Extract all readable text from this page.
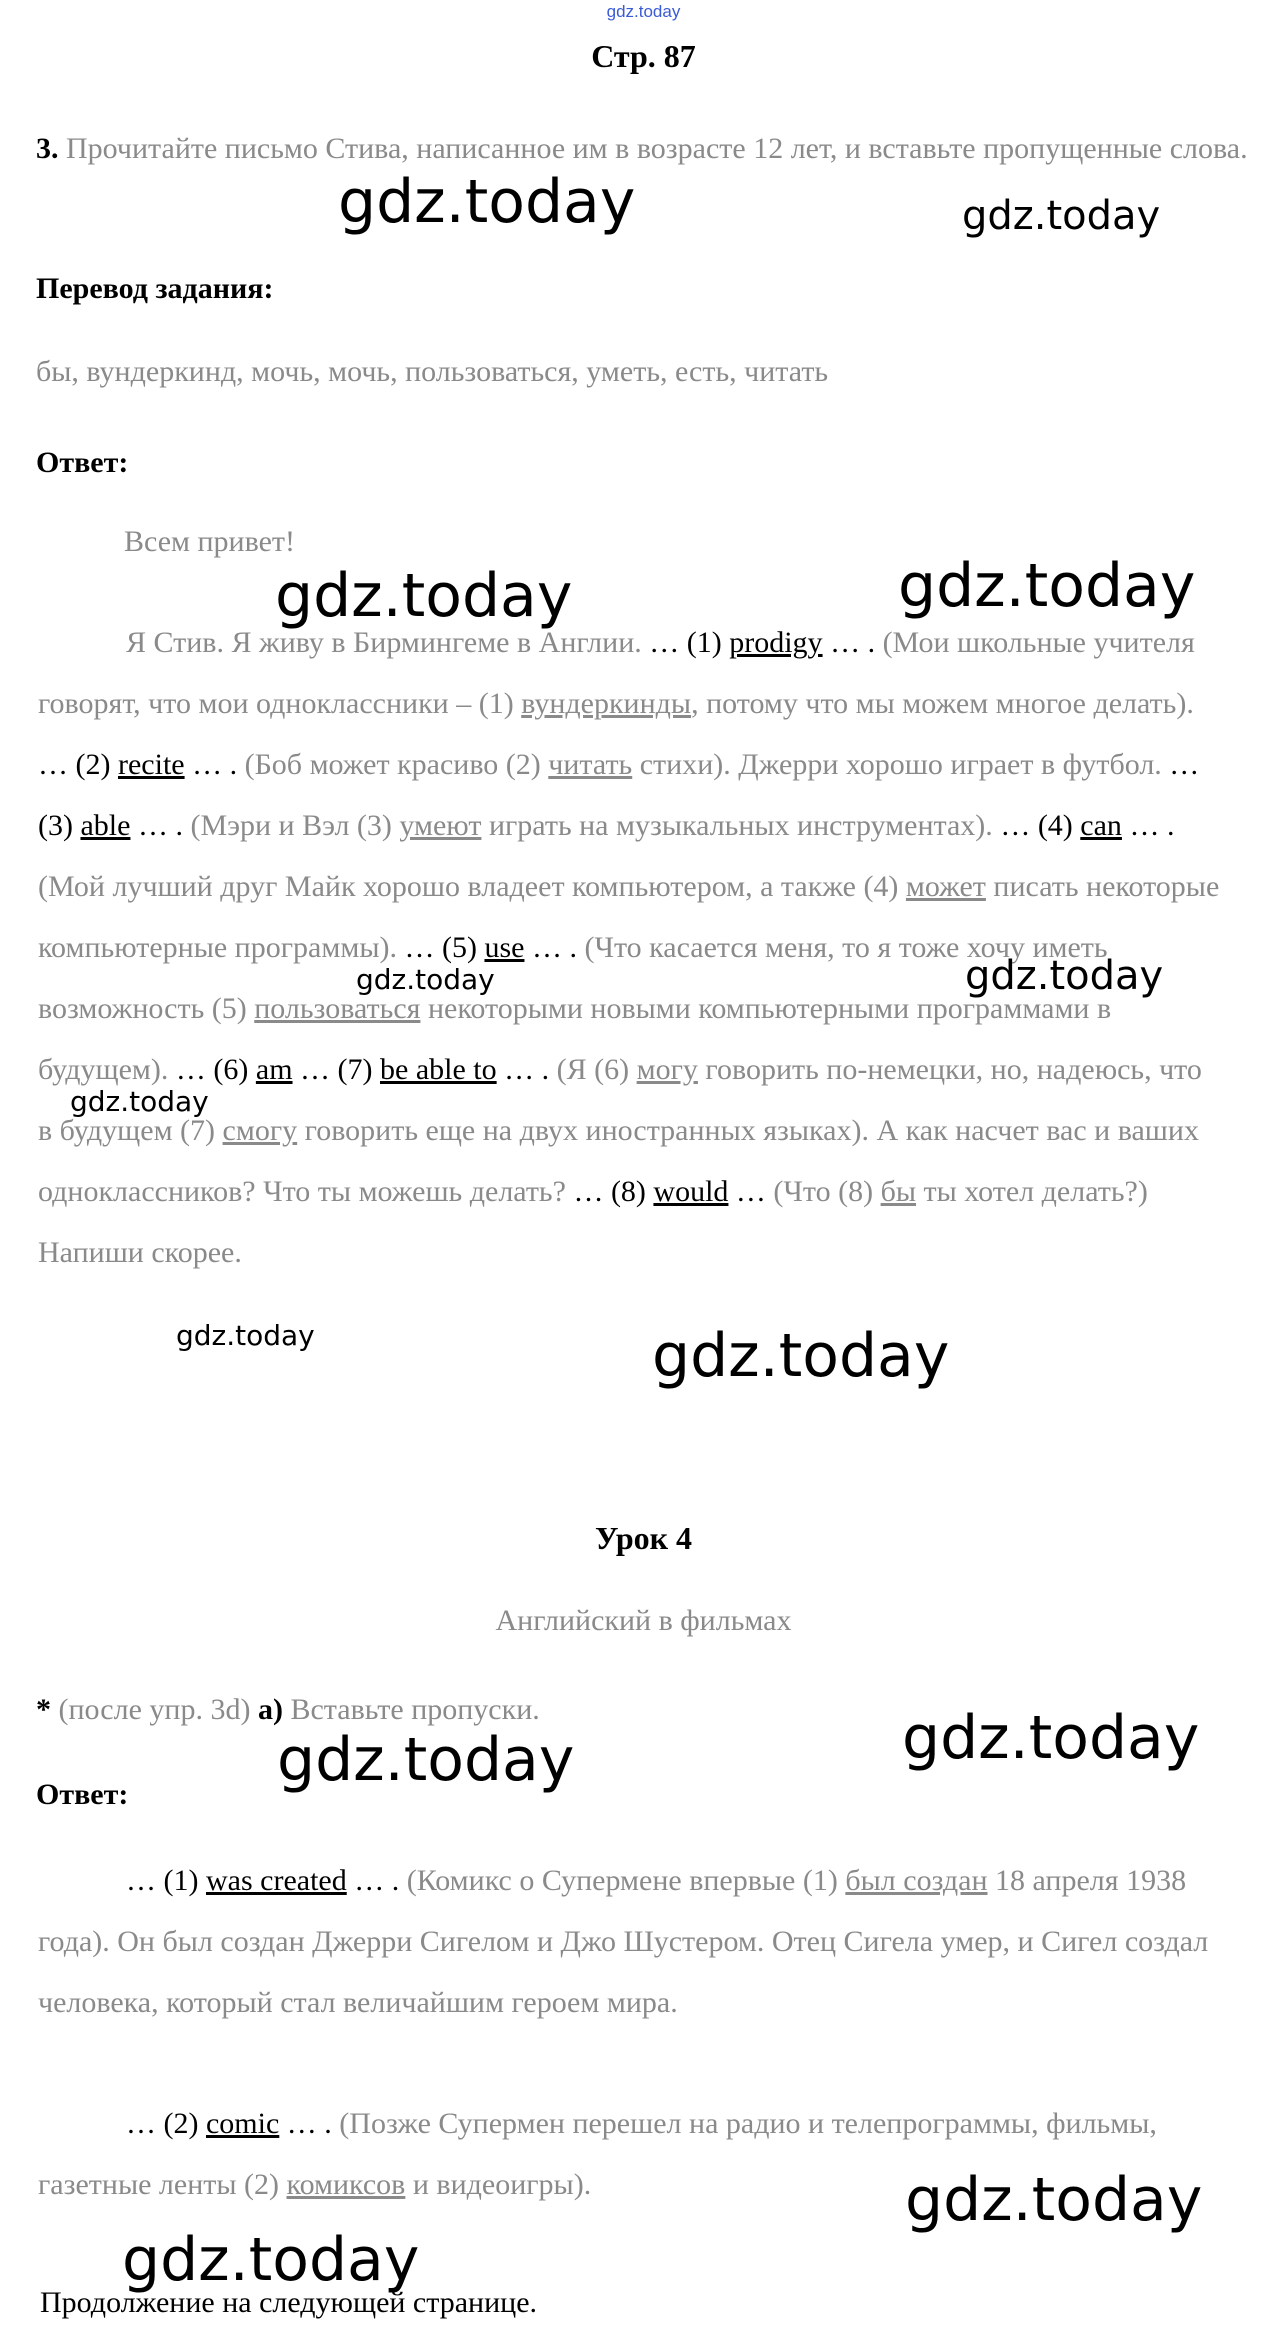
gdz.today
Стр. 87
3. Прочитайте письмо Стива, написанное им в возрасте 12 лет, и вставьте пропущенные слова.
Перевод задания:
бы, вундеркинд, мочь, мочь, пользоваться, уметь, есть, читать
Ответ:
Всем привет!
Я Стив. Я живу в Бирмингеме в Англии. … (1) prodigy … . (Мои школьные учителя говорят, что мои одноклассники – (1) вундеркинды, потому что мы можем многое делать). … (2) recite … . (Боб может красиво (2) читать стихи). Джерри хорошо играет в футбол. … (3) able … . (Мэри и Вэл (3) умеют играть на музыкальных инструментах). … (4) can … . (Мой лучший друг Майк хорошо владеет компьютером, а также (4) может писать некоторые компьютерные программы). … (5) use … . (Что касается меня, то я тоже хочу иметь возможность (5) пользоваться некоторыми новыми компьютерными программами в будущем). … (6) am … (7) be able to … . (Я (6) могу говорить по-немецки, но, надеюсь, что в будущем (7) смогу говорить еще на двух иностранных языках). А как насчет вас и ваших одноклассников? Что ты можешь делать? … (8) would … (Что (8) бы ты хотел делать?) Напиши скорее.
Урок 4
Английский в фильмах
* (после упр. 3d) а) Вставьте пропуски.
Ответ:
… (1) was created … . (Комикс о Супермене впервые (1) был создан 18 апреля 1938 года). Он был создан Джерри Сигелом и Джо Шустером. Отец Сигела умер, и Сигел создал человека, который стал величайшим героем мира.
… (2) comic … . (Позже Супермен перешел на радио и телепрограммы, фильмы, газетные ленты (2) комиксов и видеоигры).
Продолжение на следующей странице.
gdz.today	gdz.today
gdz.today	gdz.today
gdz.today	gdz.today
gdz.today
gdz.today	gdz.today
gdz.today	gdz.today
gdz.today
gdz.today
